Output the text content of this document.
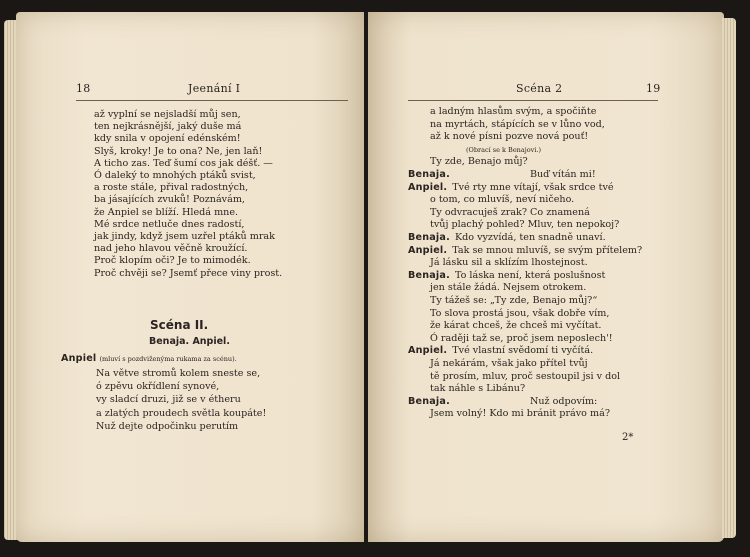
18	Jeenání I
až vyplní se nejsladší můj sen,
ten nejkrásnější, jaký duše má
kdy snila v opojení edénském!
Slyš, kroky! Je to ona? Ne, jen laň!
A ticho zas. Teď šumí cos jak déšť. —
Ó daleký to mnohých ptáků svist,
a roste stále, přival radostných,
ba jásajících zvuků! Poznávám,
že Anpiel se blíží. Hledá mne.
Mé srdce netluče dnes radostí,
jak jindy, když jsem uzřel ptáků mrak
nad jeho hlavou věčně kroužící.
Proč klopím oči? Je to mimodék.
Proč chvěji se? Jsemť přece viny prost.
Scéna II.
Benaja. Anpiel.
Anpiel (mluví s pozdviženýma rukama za scénu).
Na větve stromů kolem sneste se,
ó zpěvu okřídlení synové,
vy sladcí druzi, již se v étheru
a zlatých proudech světla koupáte!
Nuž dejte odpočinku perutím
Scéna 2	19
a ladným hlasům svým, a spočiňte
na myrtách, stápících se v lůno vod,
až k nové písni pozve nová pouť!
(Obrací se k Benajovi.)
Ty zde, Benajo můj?
Benaja.	Buď vítán mi!
Anpiel. Tvé rty mne vítají, však srdce tvé
o tom, co mluvíš, neví ničeho.
Ty odvracuješ zrak? Co znamená
tvůj plachý pohled? Mluv, ten nepokoj?
Benaja. Kdo vyzvídá, ten snadně unaví.
Anpiel. Tak se mnou mluvíš, se svým přítelem?
Já lásku sil a sklízím lhostejnost.
Benaja. To láska není, která poslušnost
jen stále žádá. Nejsem otrokem.
Ty tážeš se: „Ty zde, Benajo můj?“
To slova prostá jsou, však dobře vím,
že kárat chceš, že chceš mi vyčítat.
Ó raději taž se, proč jsem neposlech'!
Anpiel. Tvé vlastní svědomí ti vyčítá.
Já nekárám, však jako přítel tvůj
tě prosím, mluv, proč sestoupil jsi v dol
tak náhle s Libánu?
Benaja.	Nuž odpovím:
Jsem volný! Kdo mi bránit právo má?
2*
